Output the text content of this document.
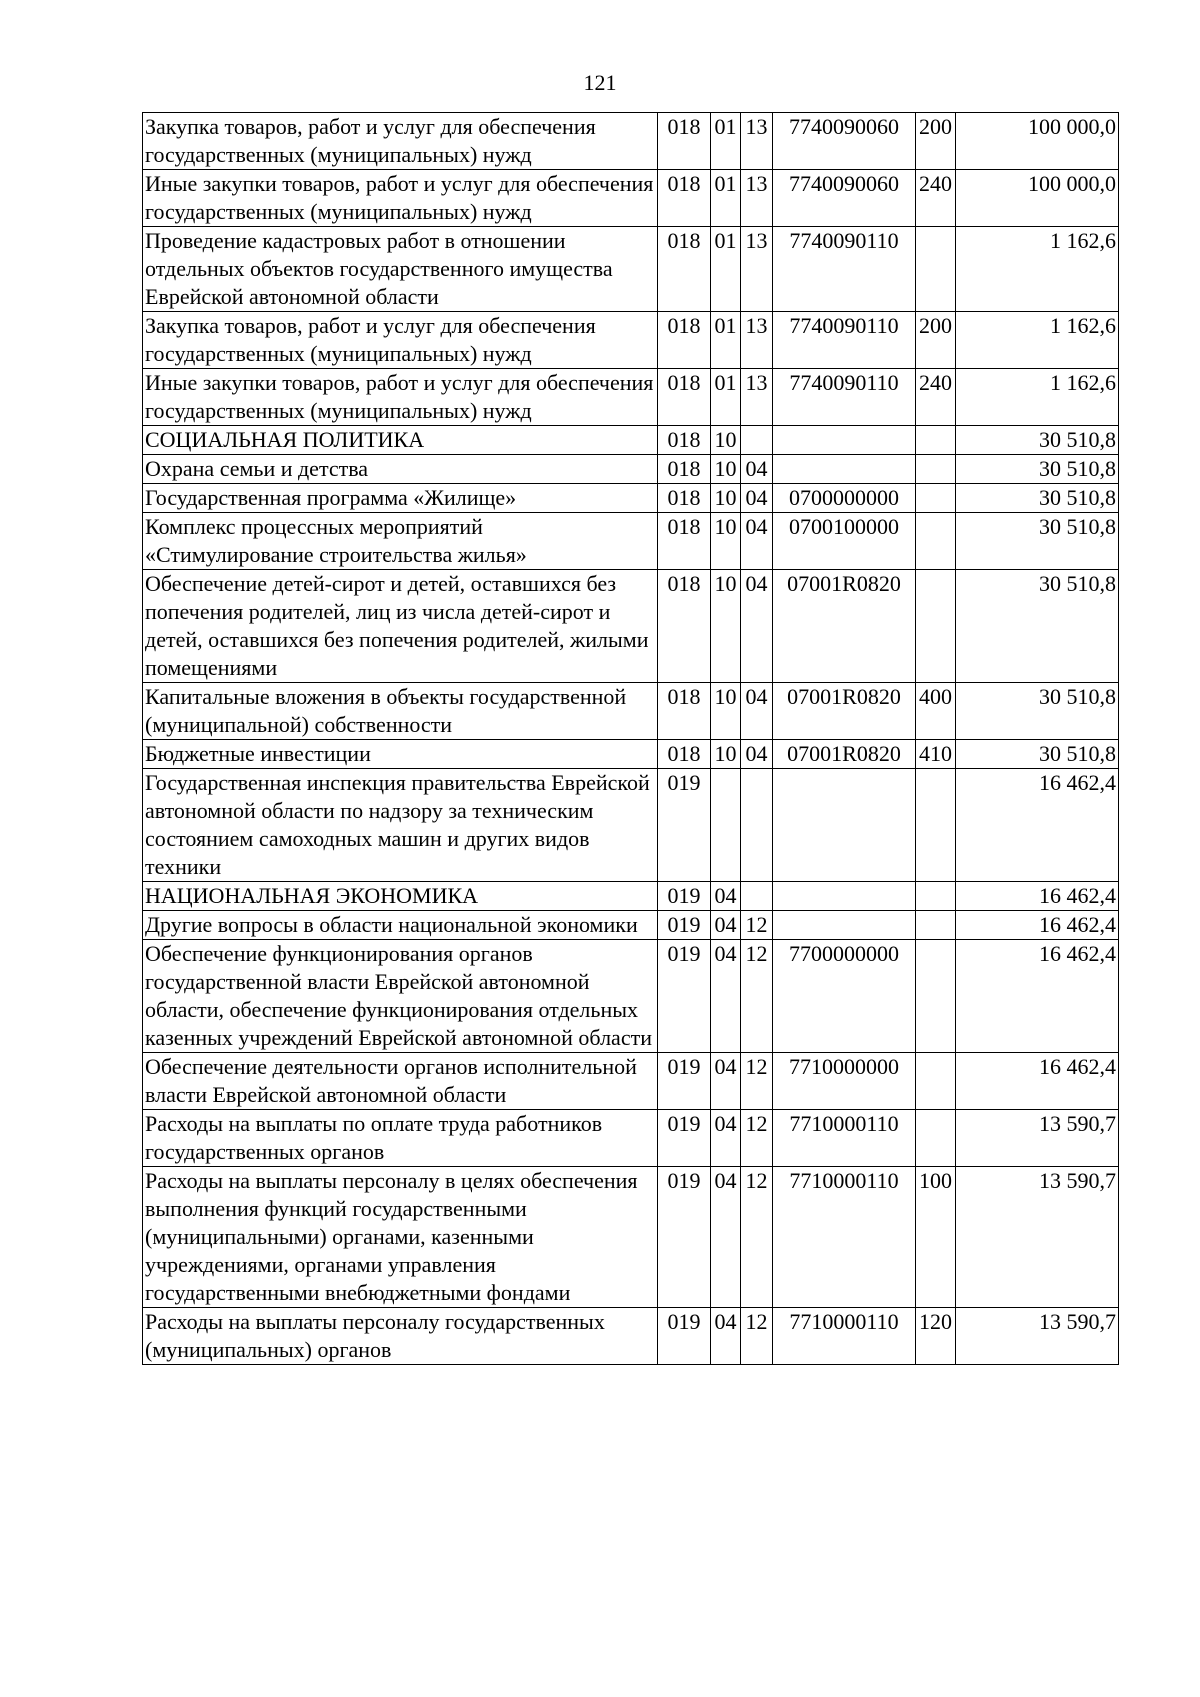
121
Закупка товаров, работ и услуг для обеспечения государственных (муниципальных) нужд	018	01	13	7740090060	200	100 000,0
Иные закупки товаров, работ и услуг для обеспечения государственных (муниципальных) нужд	018	01	13	7740090060	240	100 000,0
Проведение кадастровых работ в отношении отдельных объектов государственного имущества Еврейской автономной области	018	01	13	7740090110		1 162,6
Закупка товаров, работ и услуг для обеспечения государственных (муниципальных) нужд	018	01	13	7740090110	200	1 162,6
Иные закупки товаров, работ и услуг для обеспечения государственных (муниципальных) нужд	018	01	13	7740090110	240	1 162,6
СОЦИАЛЬНАЯ ПОЛИТИКА	018	10				30 510,8
Охрана семьи и детства	018	10	04			30 510,8
Государственная программа «Жилище»	018	10	04	0700000000		30 510,8
Комплекс процессных мероприятий «Стимулирование строительства жилья»	018	10	04	0700100000		30 510,8
Обеспечение детей-сирот и детей, оставшихся без попечения родителей, лиц из числа детей-сирот и детей, оставшихся без попечения родителей, жилыми помещениями	018	10	04	07001R0820		30 510,8
Капитальные вложения в объекты государственной (муниципальной) собственности	018	10	04	07001R0820	400	30 510,8
Бюджетные инвестиции	018	10	04	07001R0820	410	30 510,8
Государственная инспекция правительства Еврейской автономной области по надзору за техническим состоянием самоходных машин и других видов техники	019					16 462,4
НАЦИОНАЛЬНАЯ ЭКОНОМИКА	019	04				16 462,4
Другие вопросы в области национальной экономики	019	04	12			16 462,4
Обеспечение функционирования органов государственной власти Еврейской автономной области, обеспечение функционирования отдельных казенных учреждений Еврейской автономной области	019	04	12	7700000000		16 462,4
Обеспечение деятельности органов исполнительной власти Еврейской автономной области	019	04	12	7710000000		16 462,4
Расходы на выплаты по оплате труда работников государственных органов	019	04	12	7710000110		13 590,7
Расходы на выплаты персоналу в целях обеспечения выполнения функций государственными (муниципальными) органами, казенными учреждениями, органами управления государственными внебюджетными фондами	019	04	12	7710000110	100	13 590,7
Расходы на выплаты персоналу государственных (муниципальных) органов	019	04	12	7710000110	120	13 590,7
